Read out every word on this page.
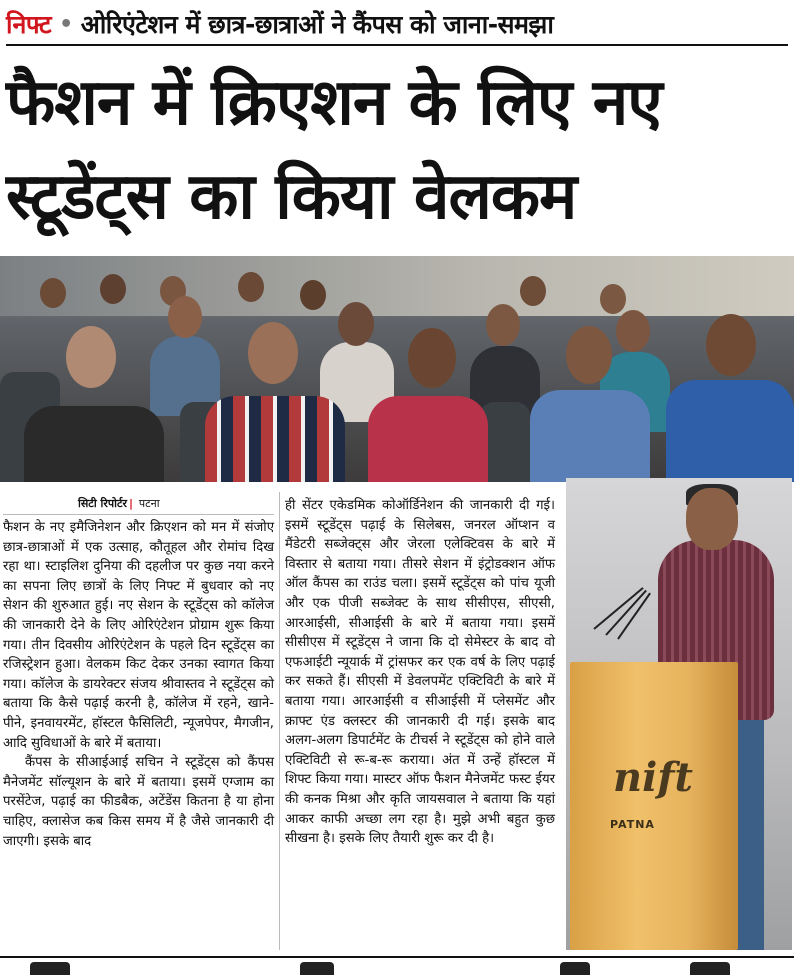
निफ्ट • ओरिएंटेशन में छात्र-छात्राओं ने कैंपस को जाना-समझा
फैशन में क्रिएशन के लिए नए
स्टूडेंट्स का किया वेलकम
सिटी रिपोर्टर | पटना

फैशन के नए इमैजिनेशन और क्रिएशन को मन में संजोए छात्र-छात्राओं में एक उत्साह, कौतूहल और रोमांच दिख रहा था। स्टाइलिश दुनिया की दहलीज पर कुछ नया करने का सपना लिए छात्रों के लिए निफ्ट में बुधवार को नए सेशन की शुरुआत हुई। नए सेशन के स्टूडेंट्स को कॉलेज की जानकारी देने के लिए ओरिएंटेशन प्रोग्राम शुरू किया गया। तीन दिवसीय ओरिएंटेशन के पहले दिन स्टूडेंट्स का रजिस्ट्रेशन हुआ। वेलकम किट देकर उनका स्वागत किया गया। कॉलेज के डायरेक्टर संजय श्रीवास्तव ने स्टूडेंट्स को बताया कि कैसे पढ़ाई करनी है, कॉलेज में रहने, खाने-पीने, इनवायरमेंट, हॉस्टल फैसिलिटी, न्यूजपेपर, मैगजीन, आदि सुविधाओं के बारे में बताया।

कैंपस के सीआईआई सचिन ने स्टूडेंट्स को कैंपस मैनेजमेंट सॉल्यूशन के बारे में बताया। इसमें एग्जाम का परसेंटेज, पढ़ाई का फीडबैक, अटेंडेंस कितना है या होना चाहिए, क्लासेज कब किस समय में है जैसे जानकारी दी जाएगी। इसके बाद

ही सेंटर एकेडमिक कोऑर्डिनेशन की जानकारी दी गई। इसमें स्टूडेंट्स पढ़ाई के सिलेबस, जनरल ऑप्शन व मैंडेटरी सब्जेक्ट्स और जेरला एलेक्टिवस के बारे में विस्तार से बताया गया। तीसरे सेशन में इंट्रोडक्शन ऑफ ऑल कैंपस का राउंड चला। इसमें स्टूडेंट्स को पांच यूजी और एक पीजी सब्जेक्ट के साथ सीसीएस, सीएसी, आरआईसी, सीआईसी के बारे में बताया गया। इसमें सीसीएस में स्टूडेंट्स ने जाना कि दो सेमेस्टर के बाद वो एफआईटी न्यूयार्क में ट्रांसफर कर एक वर्ष के लिए पढ़ाई कर सकते हैं। सीएसी में डेवलपमेंट एक्टिविटी के बारे में बताया गया। आरआईसी व सीआईसी में प्लेसमेंट और क्राफ्ट एंड क्लस्टर की जानकारी दी गई। इसके बाद अलग-अलग डिपार्टमेंट के टीचर्स ने स्टूडेंट्स को होने वाले एक्टिविटी से रू-ब-रू कराया। अंत में उन्हें हॉस्टल में शिफ्ट किया गया। मास्टर ऑफ फैशन मैनेजमेंट फस्ट ईयर की कनक मिश्रा और कृति जायसवाल ने बताया कि यहां आकर काफी अच्छा लग रहा है। मुझे अभी बहुत कुछ सीखना है। इसके लिए तैयारी शुरू कर दी है।

nift
PATNA
